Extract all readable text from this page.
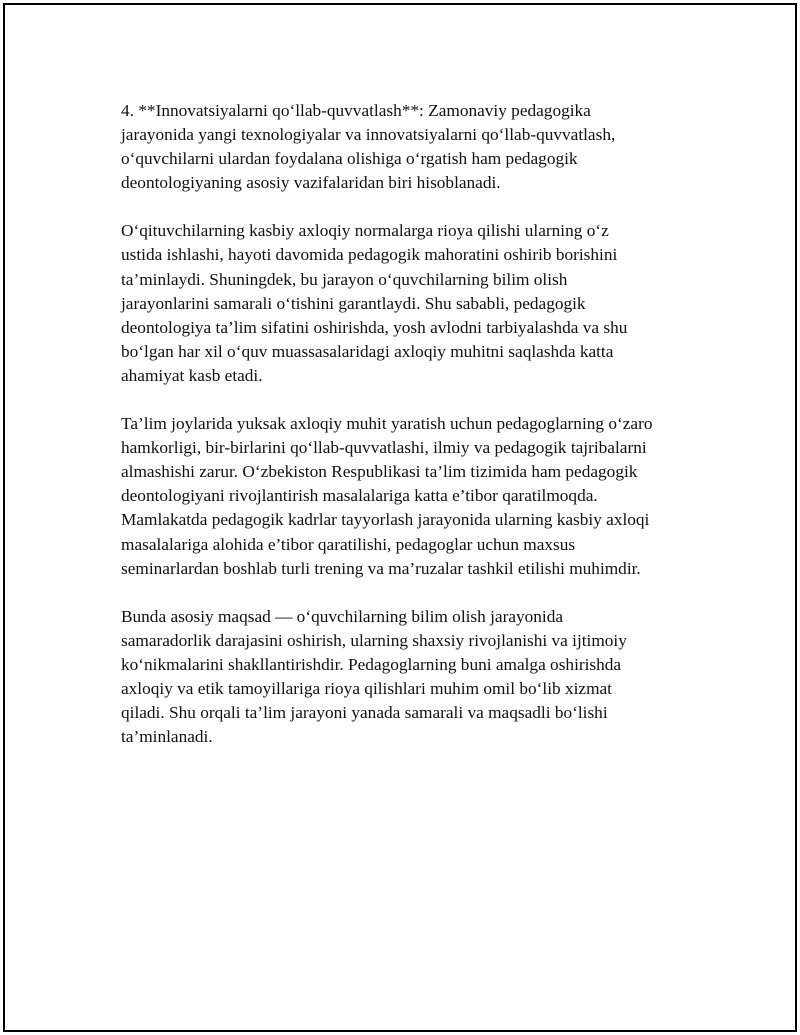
4. **Innovatsiyalarni qo‘llab-quvvatlash**: Zamonaviy pedagogika
jarayonida yangi texnologiyalar va innovatsiyalarni qo‘llab-quvvatlash,
o‘quvchilarni ulardan foydalana olishiga o‘rgatish ham pedagogik
deontologiyaning asosiy vazifalaridan biri hisoblanadi.

O‘qituvchilarning kasbiy axloqiy normalarga rioya qilishi ularning o‘z
ustida ishlashi, hayoti davomida pedagogik mahoratini oshirib borishini
ta’minlaydi. Shuningdek, bu jarayon o‘quvchilarning bilim olish
jarayonlarini samarali o‘tishini garantlaydi. Shu sababli, pedagogik
deontologiya ta’lim sifatini oshirishda, yosh avlodni tarbiyalashda va shu
bo‘lgan har xil o‘quv muassasalaridagi axloqiy muhitni saqlashda katta
ahamiyat kasb etadi.

Ta’lim joylarida yuksak axloqiy muhit yaratish uchun pedagoglarning o‘zaro
hamkorligi, bir-birlarini qo‘llab-quvvatlashi, ilmiy va pedagogik tajribalarni
almashishi zarur. O‘zbekiston Respublikasi ta’lim tizimida ham pedagogik
deontologiyani rivojlantirish masalalariga katta e’tibor qaratilmoqda.
Mamlakatda pedagogik kadrlar tayyorlash jarayonida ularning kasbiy axloqi
masalalariga alohida e’tibor qaratilishi, pedagoglar uchun maxsus
seminarlardan boshlab turli trening va ma’ruzalar tashkil etilishi muhimdir.

Bunda asosiy maqsad — o‘quvchilarning bilim olish jarayonida
samaradorlik darajasini oshirish, ularning shaxsiy rivojlanishi va ijtimoiy
ko‘nikmalarini shakllantirishdir. Pedagoglarning buni amalga oshirishda
axloqiy va etik tamoyillariga rioya qilishlari muhim omil bo‘lib xizmat
qiladi. Shu orqali ta’lim jarayoni yanada samarali va maqsadli bo‘lishi
ta’minlanadi.
